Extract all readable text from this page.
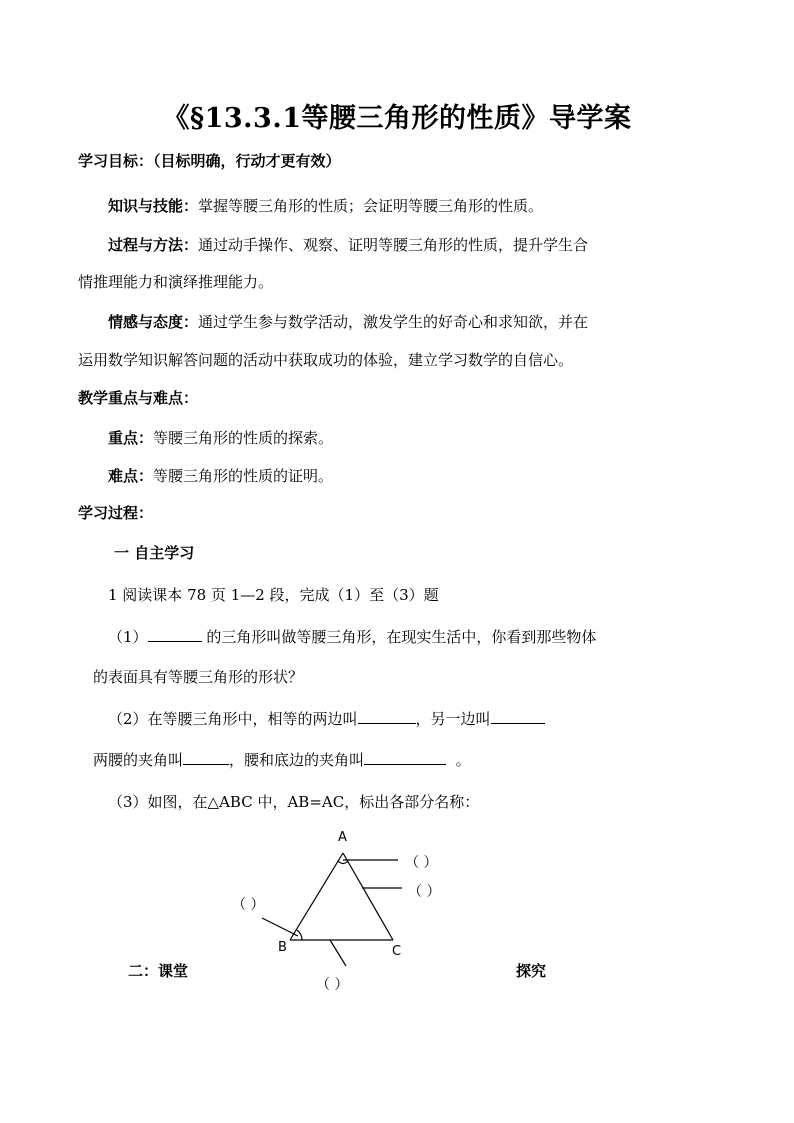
《§13.3.1等腰三角形的性质》导学案
学习目标：（目标明确，行动才更有效）
知识与技能：掌握等腰三角形的性质；会证明等腰三角形的性质。
过程与方法：通过动手操作、观察、证明等腰三角形的性质，提升学生合
情推理能力和演绎推理能力。
情感与态度：通过学生参与数学活动，激发学生的好奇心和求知欲，并在
运用数学知识解答问题的活动中获取成功的体验，建立学习数学的自信心。
教学重点与难点：
重点：等腰三角形的性质的探索。
难点：等腰三角形的性质的证明。
学习过程：
一 自主学习
1 阅读课本 78 页 1—2 段，完成（1）至（3）题
（1）	的三角形叫做等腰三角形，在现实生活中，你看到那些物体
的表面具有等腰三角形的形状？
（2）在等腰三角形中，相等的两边叫	，另一边叫
两腰的夹角叫	，腰和底边的夹角叫	。
（3）如图，在△ABC 中，AB=AC，标出各部分名称：
A
B	C
（ ）
（ ）
（ ）
（ ）
二：课堂	探究
